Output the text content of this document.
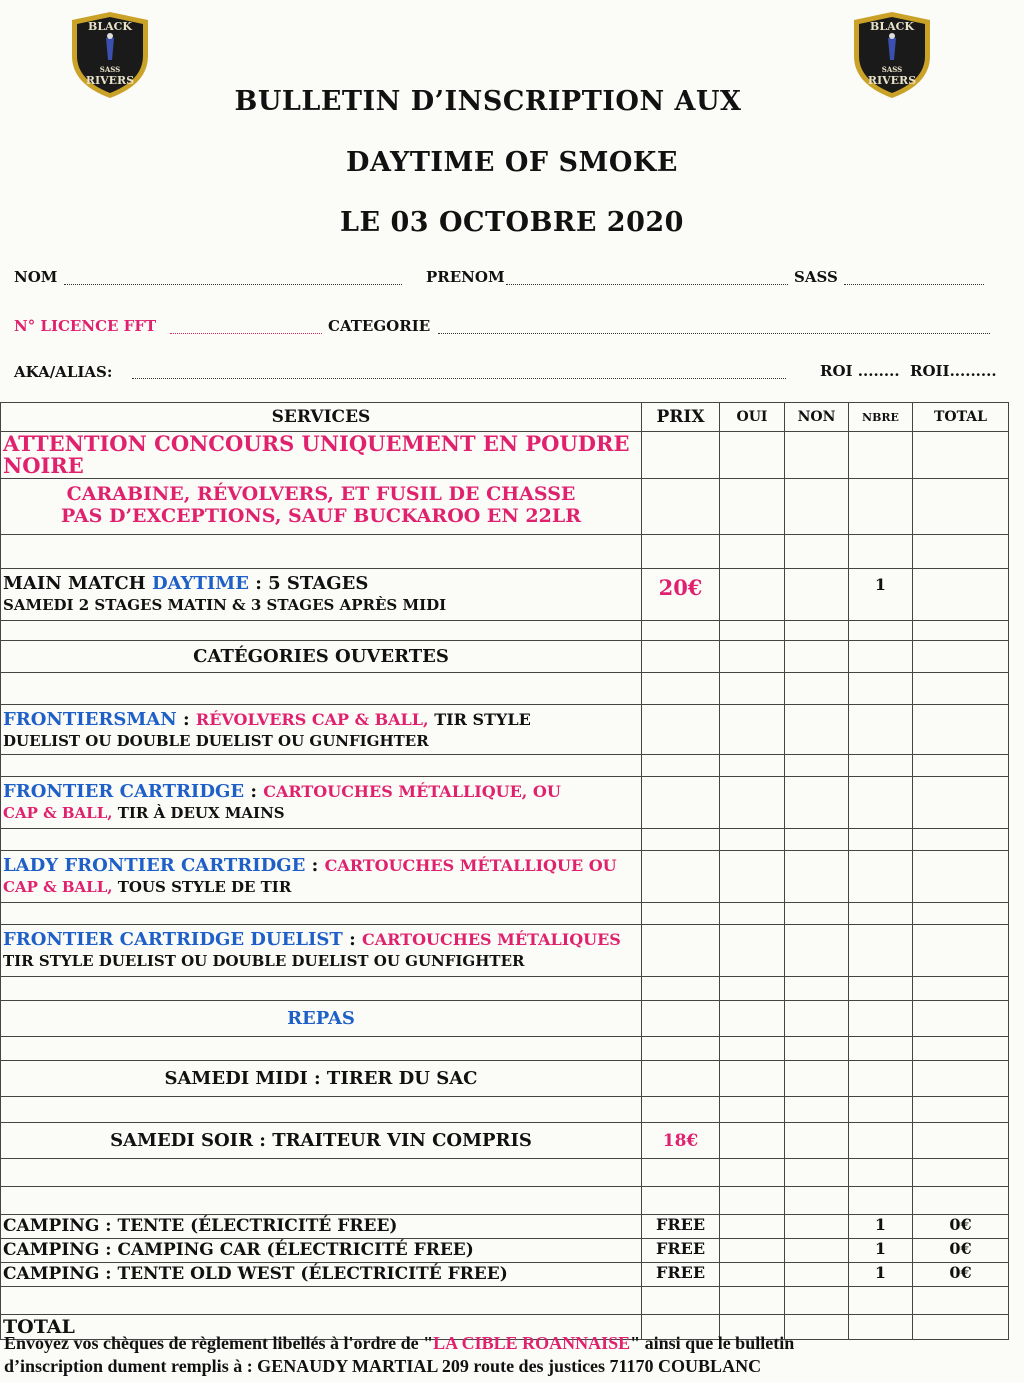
BLACK
SASS
RIVERS
BLACK
SASS
RIVERS
BULLETIN D’INSCRIPTION AUX
DAYTIME OF SMOKE
LE 03 OCTOBRE 2020
NOM	PRENOM	SASS
N° LICENCE FFT	CATEGORIE
AKA/ALIAS:	ROI ........ ROII.........
SERVICES	PRIX	OUI	NON	NBRE	TOTAL
ATTENTION CONCOURS UNIQUEMENT EN POUDRE NOIRE					

CARABINE, RÉVOLVERS, ET FUSIL DE CHASSE
PAS D’EXCEPTIONS, SAUF BUCKAROO EN 22LR					

MAIN MATCH DAYTIME : 5 STAGES
SAMEDI 2 STAGES MATIN & 3 STAGES APRÈS MIDI	20€			1	

CATÉGORIES OUVERTES					

FRONTIERSMAN : RÉVOLVERS CAP & BALL, TIR STYLE
DUELIST OU DOUBLE DUELIST OU GUNFIGHTER					

FRONTIER CARTRIDGE : CARTOUCHES MÉTALLIQUE, OU
CAP & BALL, TIR À DEUX MAINS					

LADY FRONTIER CARTRIDGE : CARTOUCHES MÉTALLIQUE OU
CAP & BALL, TOUS STYLE DE TIR					

FRONTIER CARTRIDGE DUELIST : CARTOUCHES MÉTALIQUES
TIR STYLE DUELIST OU DOUBLE DUELIST OU GUNFIGHTER					

REPAS					

SAMEDI MIDI : TIRER DU SAC					

SAMEDI SOIR : TRAITEUR VIN COMPRIS	18€				

CAMPING : TENTE (ÉLECTRICITÉ FREE)	FREE			1	0€
CAMPING : CAMPING CAR (ÉLECTRICITÉ FREE)	FREE			1	0€
CAMPING : TENTE OLD WEST (ÉLECTRICITÉ FREE)	FREE			1	0€

TOTAL					
Envoyez vos chèques de règlement libellés à l'ordre de "LA CIBLE ROANNAISE" ainsi que le bulletin
d’inscription dument remplis à : GENAUDY MARTIAL 209 route des justices 71170 COUBLANC
